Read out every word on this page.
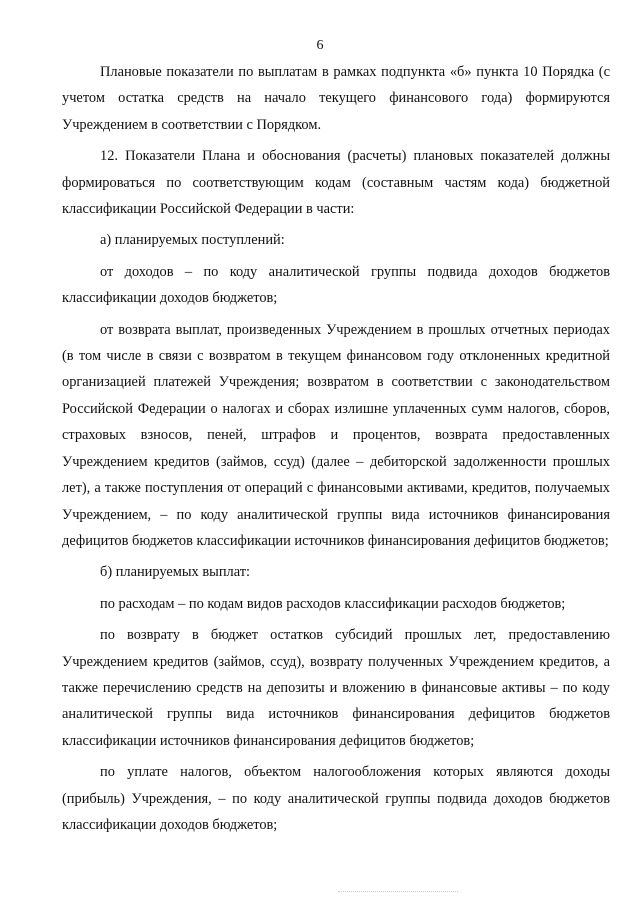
6

Плановые показатели по выплатам в рамках подпункта «б» пункта 10 Порядка (с учетом остатка средств на начало текущего финансового года) формируются Учреждением в соответствии с Порядком.

12. Показатели Плана и обоснования (расчеты) плановых показателей должны формироваться по соответствующим кодам (составным частям кода) бюджетной классификации Российской Федерации в части:

а) планируемых поступлений:

от доходов – по коду аналитической группы подвида доходов бюджетов классификации доходов бюджетов;

от возврата выплат, произведенных Учреждением в прошлых отчетных периодах (в том числе в связи с возвратом в текущем финансовом году отклоненных кредитной организацией платежей Учреждения; возвратом в соответствии с законодательством Российской Федерации о налогах и сборах излишне уплаченных сумм налогов, сборов, страховых взносов, пеней, штрафов и процентов, возврата предоставленных Учреждением кредитов (займов, ссуд) (далее – дебиторской задолженности прошлых лет), а также поступления от операций с финансовыми активами, кредитов, получаемых Учреждением, – по коду аналитической группы вида источников финансирования дефицитов бюджетов классификации источников финансирования дефицитов бюджетов;

б) планируемых выплат:

по расходам – по кодам видов расходов классификации расходов бюджетов;

по возврату в бюджет остатков субсидий прошлых лет, предоставлению Учреждением кредитов (займов, ссуд), возврату полученных Учреждением кредитов, а также перечислению средств на депозиты и вложению в финансовые активы – по коду аналитической группы вида источников финансирования дефицитов бюджетов классификации источников финансирования дефицитов бюджетов;

по уплате налогов, объектом налогообложения которых являются доходы (прибыль) Учреждения, – по коду аналитической группы подвида доходов бюджетов классификации доходов бюджетов;
